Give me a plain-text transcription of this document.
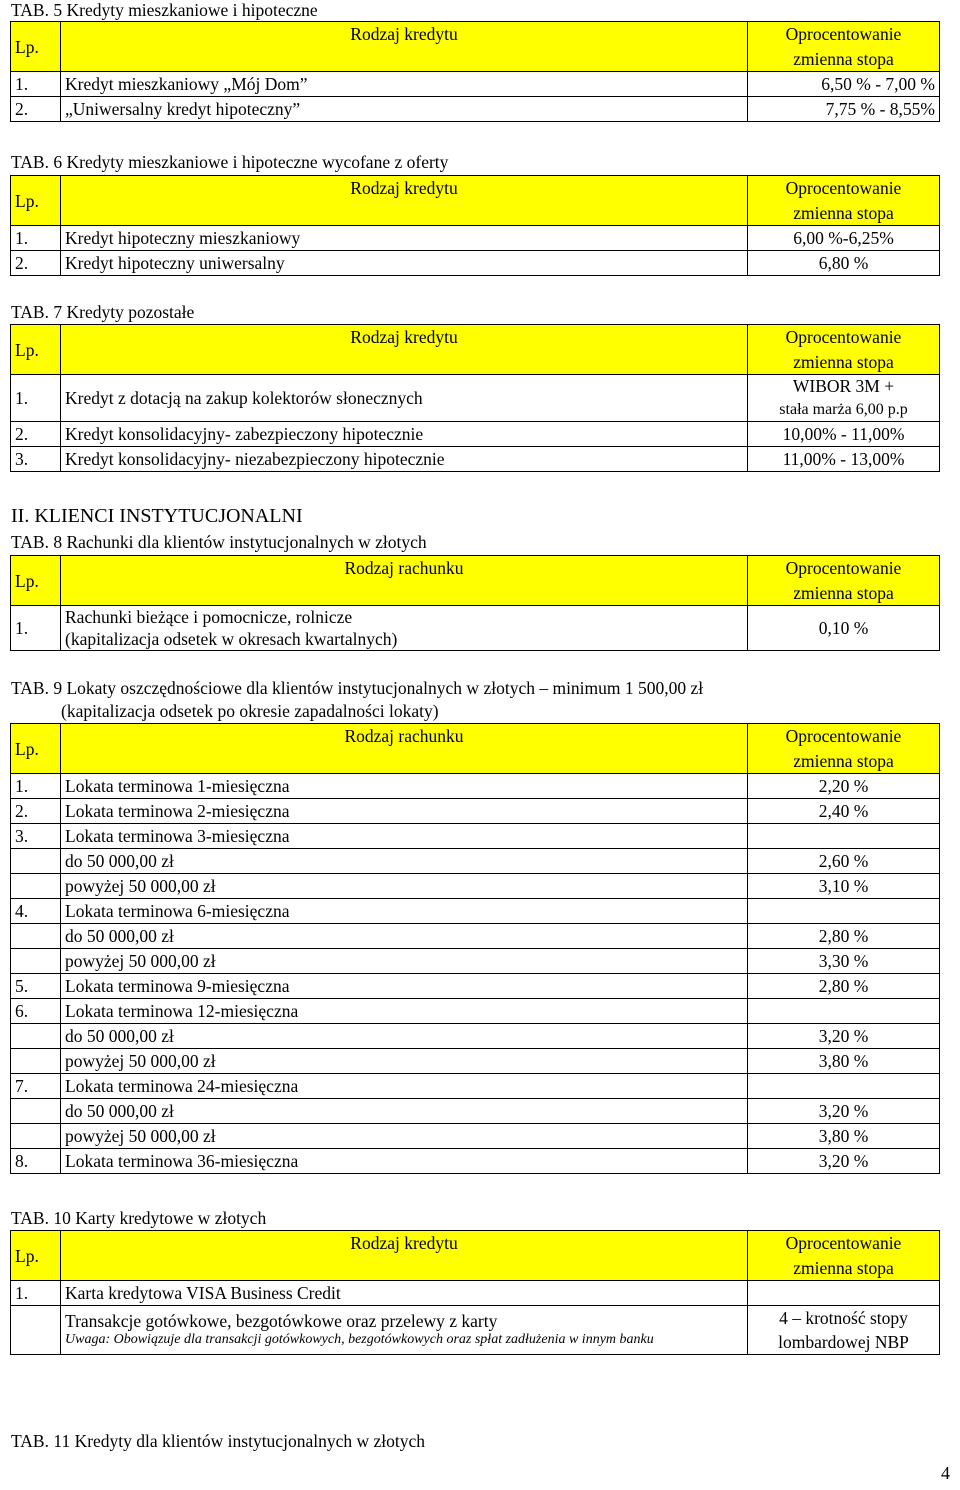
TAB. 5 Kredyty mieszkaniowe i hipoteczne
Lp.	Rodzaj kredytu	Oprocentowanie
zmienna stopa
1.	Kredyt mieszkaniowy „Mój Dom”	6,50 % - 7,00 %
2.	„Uniwersalny kredyt hipoteczny”	7,75 % - 8,55%
TAB. 6 Kredyty mieszkaniowe i hipoteczne wycofane z oferty
Lp.	Rodzaj kredytu	Oprocentowanie
zmienna stopa
1.	Kredyt hipoteczny mieszkaniowy	6,00 %-6,25%
2.	Kredyt hipoteczny uniwersalny	6,80 %
TAB. 7 Kredyty pozostałe
Lp.	Rodzaj kredytu	Oprocentowanie
zmienna stopa
1.	Kredyt z dotacją na zakup kolektorów słonecznych	WIBOR 3M +
stała marża 6,00 p.p
2.	Kredyt konsolidacyjny- zabezpieczony hipotecznie	10,00% - 11,00%
3.	Kredyt konsolidacyjny- niezabezpieczony hipotecznie	11,00% - 13,00%
II. KLIENCI INSTYTUCJONALNI
TAB. 8 Rachunki dla klientów instytucjonalnych w złotych
Lp.	Rodzaj rachunku	Oprocentowanie
zmienna stopa
1.	Rachunki bieżące i pomocnicze, rolnicze
(kapitalizacja odsetek w okresach kwartalnych)	0,10 %
TAB. 9 Lokaty oszczędnościowe dla klientów instytucjonalnych w złotych – minimum 1 500,00 zł
(kapitalizacja odsetek po okresie zapadalności lokaty)
Lp.	Rodzaj rachunku	Oprocentowanie
zmienna stopa
1.	Lokata terminowa 1-miesięczna	2,20 %
2.	Lokata terminowa 2-miesięczna	2,40 %
3.	Lokata terminowa 3-miesięczna	
	do 50 000,00 zł	2,60 %
	powyżej 50 000,00 zł	3,10 %
4.	Lokata terminowa 6-miesięczna	
	do 50 000,00 zł	2,80 %
	powyżej 50 000,00 zł	3,30 %
5.	Lokata terminowa 9-miesięczna	2,80 %
6.	Lokata terminowa 12-miesięczna	
	do 50 000,00 zł	3,20 %
	powyżej 50 000,00 zł	3,80 %
7.	Lokata terminowa 24-miesięczna	
	do 50 000,00 zł	3,20 %
	powyżej 50 000,00 zł	3,80 %
8.	Lokata terminowa 36-miesięczna	3,20 %
TAB. 10 Karty kredytowe w złotych
Lp.	Rodzaj kredytu	Oprocentowanie
zmienna stopa
1.	Karta kredytowa VISA Business Credit	

	Transakcje gotówkowe, bezgotówkowe oraz przelewy z karty
Uwaga: Obowiązuje dla transakcji gotówkowych, bezgotówkowych oraz spłat zadłużenia w innym banku	4 – krotność stopy lombardowej NBP
TAB. 11 Kredyty dla klientów instytucjonalnych w złotych
4
